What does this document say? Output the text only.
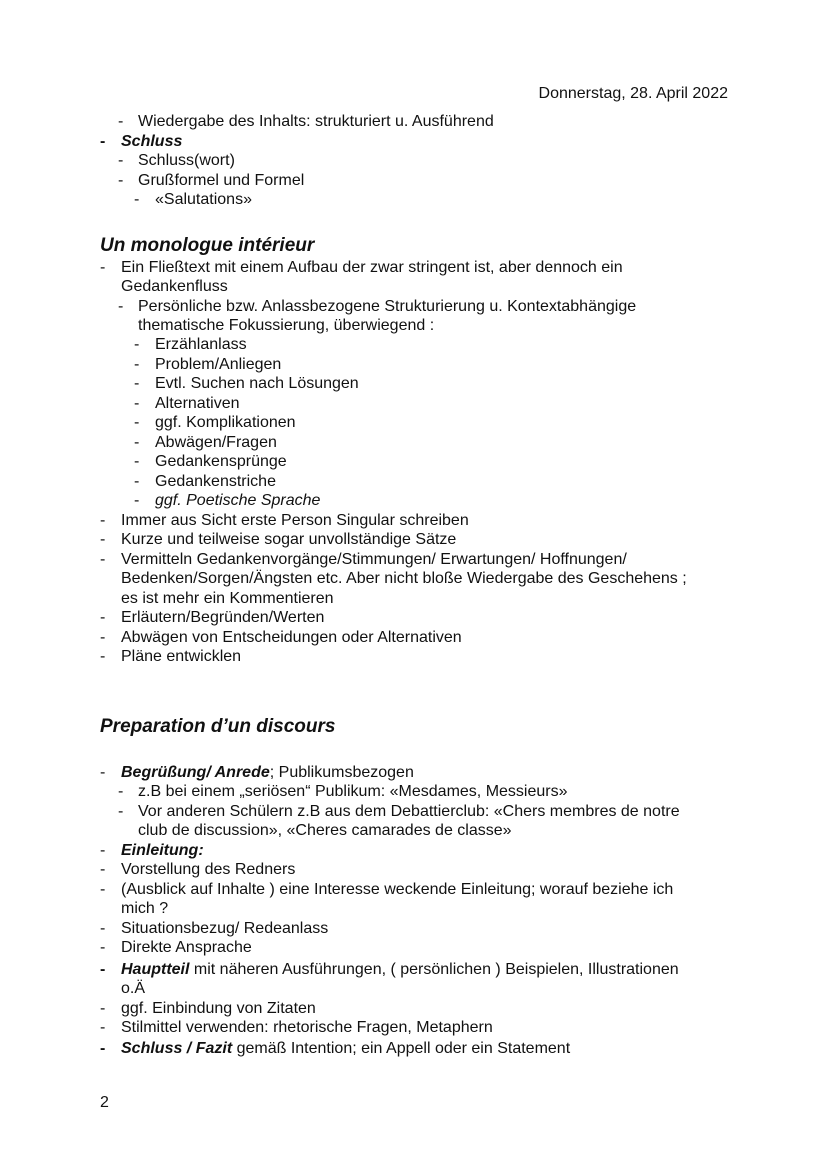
Donnerstag, 28. April 2022
- Wiedergabe des Inhalts: strukturiert u. Ausführend
- Schluss
- Schluss(wort)
- Grußformel und Formel
- «Salutations»
Un monologue intérieur
- Ein Fließtext mit einem Aufbau der zwar stringent ist, aber dennoch ein
Gedankenfluss
- Persönliche bzw. Anlassbezogene Strukturierung u. Kontextabhängige
thematische Fokussierung, überwiegend :
- Erzählanlass
- Problem/Anliegen
- Evtl. Suchen nach Lösungen
- Alternativen
- ggf. Komplikationen
- Abwägen/Fragen
- Gedankensprünge
- Gedankenstriche
- ggf. Poetische Sprache
- Immer aus Sicht erste Person Singular schreiben
- Kurze und teilweise sogar unvollständige Sätze
- Vermitteln Gedankenvorgänge/Stimmungen/ Erwartungen/ Hoffnungen/
Bedenken/Sorgen/Ängsten etc. Aber nicht bloße Wiedergabe des Geschehens ;
es ist mehr ein Kommentieren
- Erläutern/Begründen/Werten
- Abwägen von Entscheidungen oder Alternativen
- Pläne entwicklen
Preparation d’un discours
- Begrüßung/ Anrede; Publikumsbezogen
- z.B bei einem „seriösen“ Publikum: «Mesdames, Messieurs»
- Vor anderen Schülern z.B aus dem Debattierclub: «Chers membres de notre
club de discussion», «Cheres camarades de classe»
- Einleitung:
- Vorstellung des Redners
- (Ausblick auf Inhalte ) eine Interesse weckende Einleitung; worauf beziehe ich
mich ?
- Situationsbezug/ Redeanlass
- Direkte Ansprache
- Hauptteil mit näheren Ausführungen, ( persönlichen ) Beispielen, Illustrationen
o.Ä
- ggf. Einbindung von Zitaten
- Stilmittel verwenden: rhetorische Fragen, Metaphern
- Schluss / Fazit gemäß Intention; ein Appell oder ein Statement
2
